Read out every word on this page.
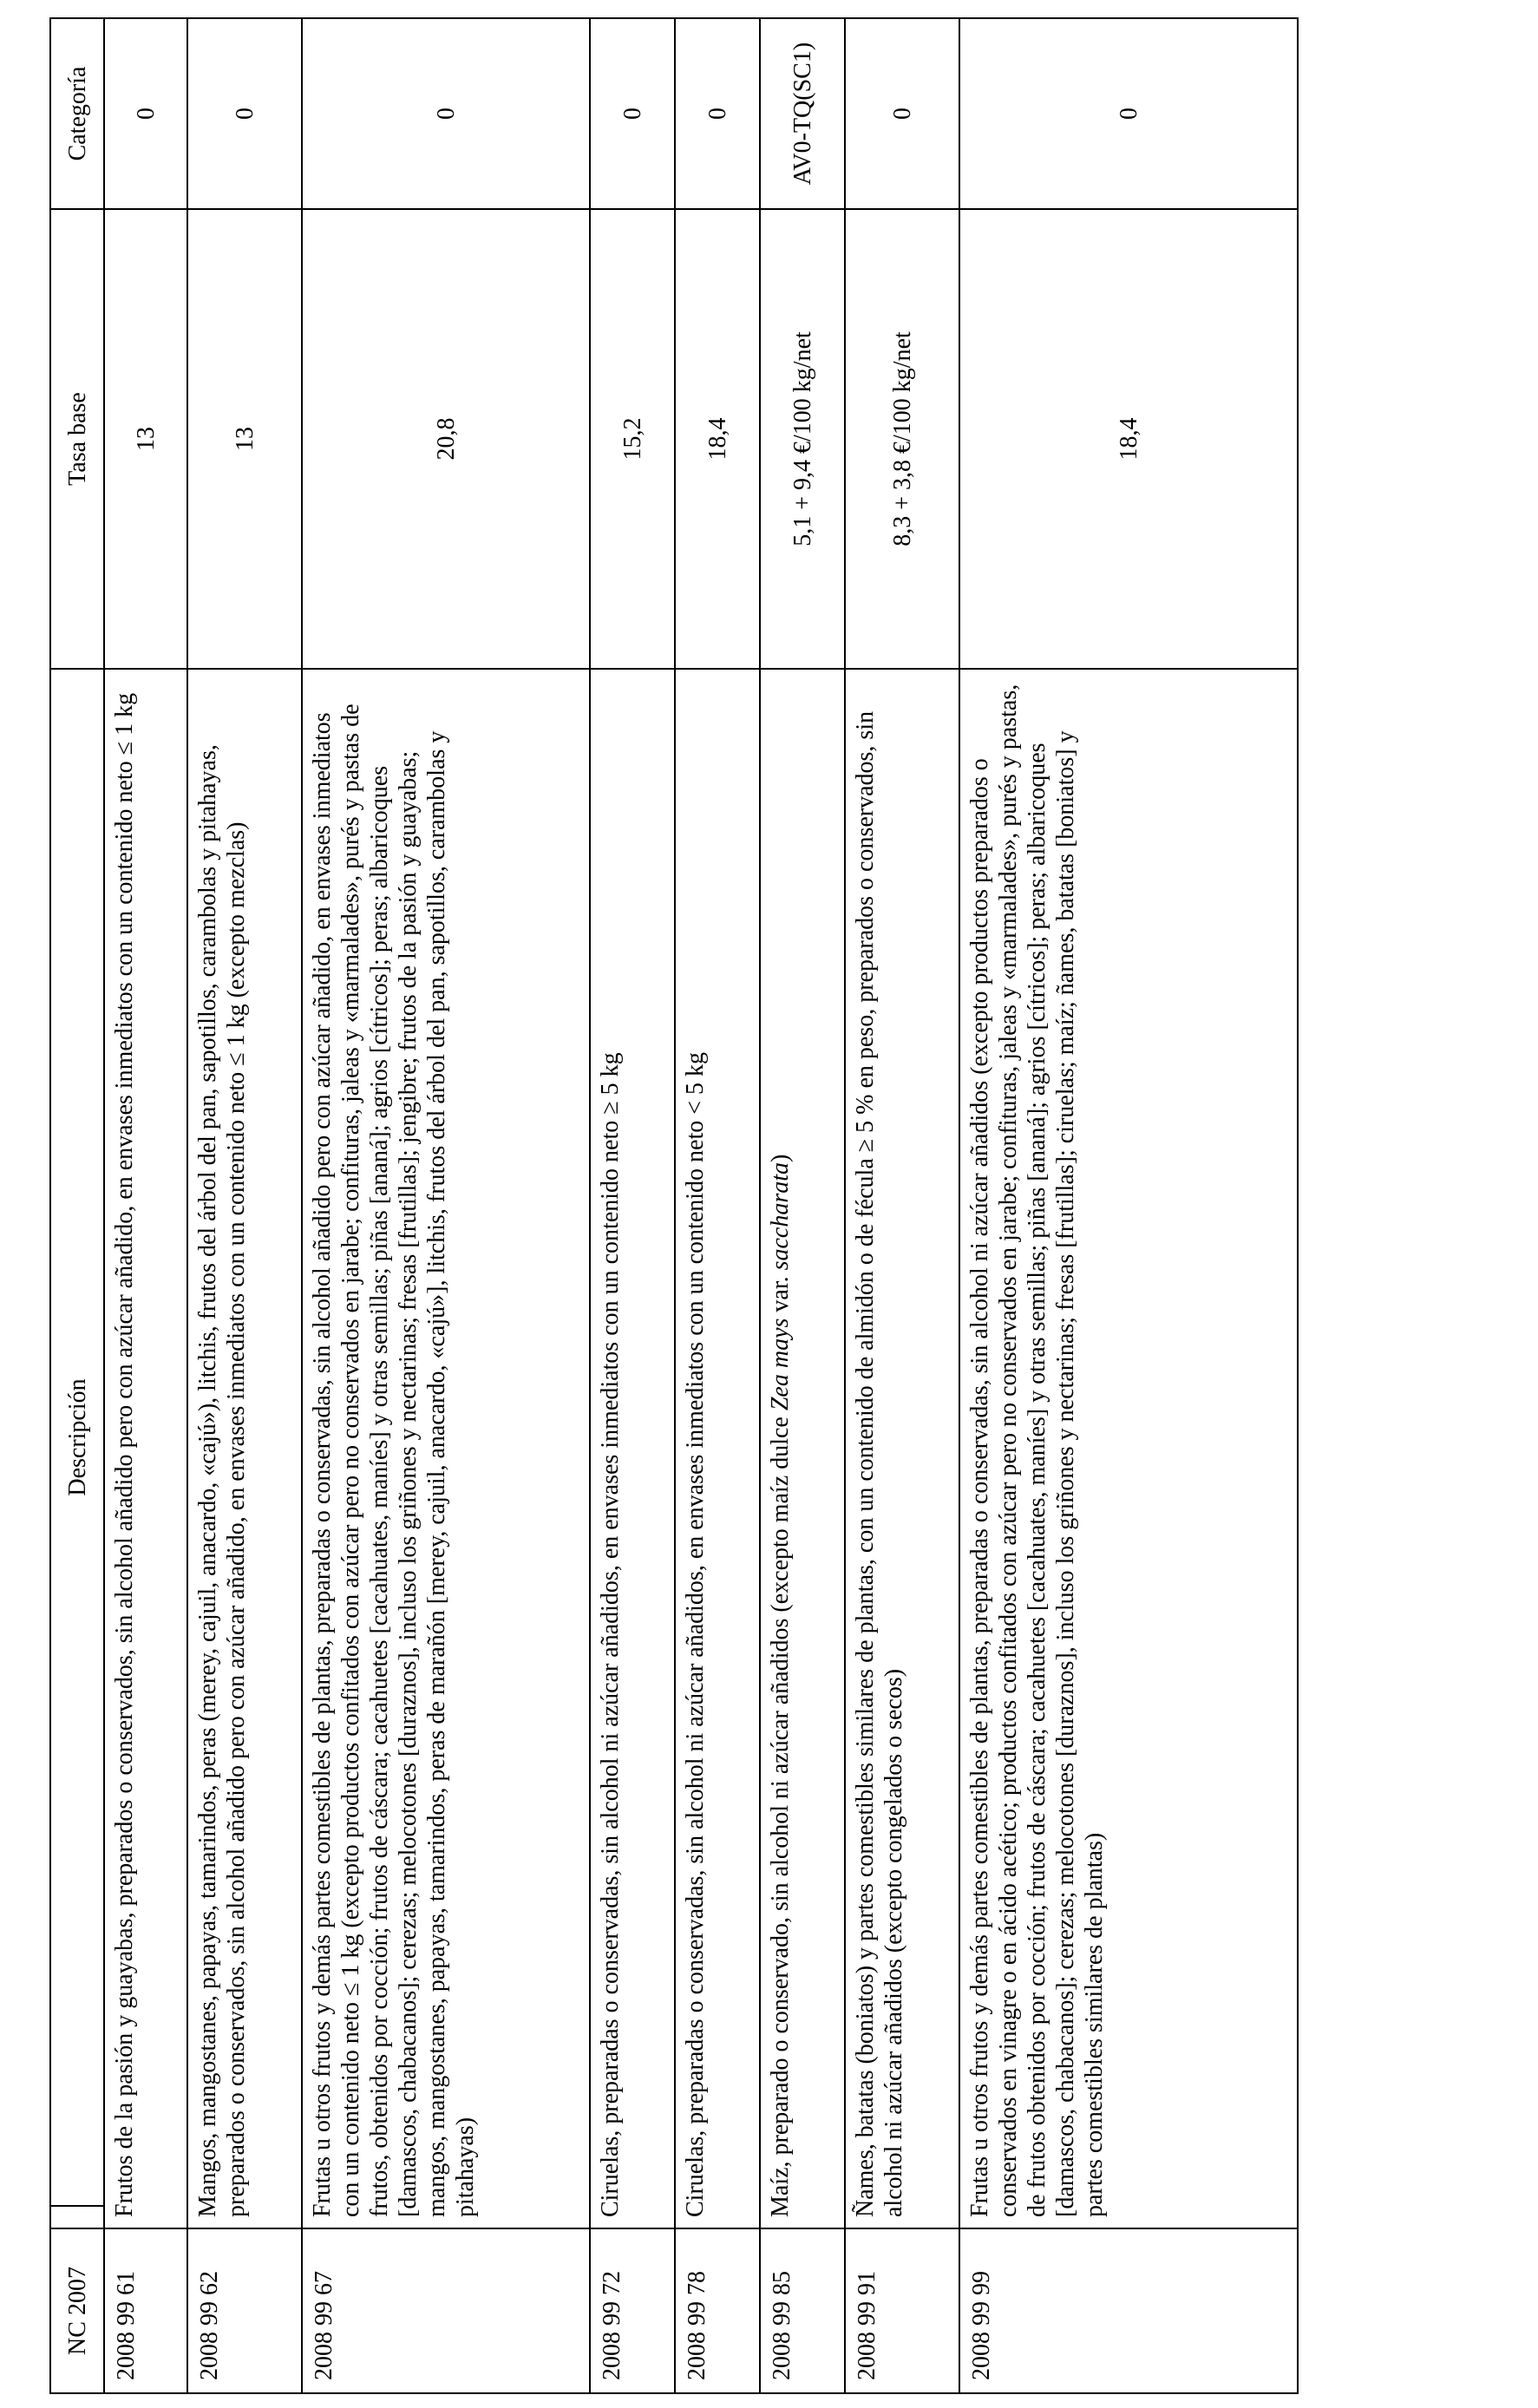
NC 2007		Descripción	Tasa base	Categoría
2008 99 61	Frutos de la pasión y guayabas, preparados o conservados, sin alcohol añadido pero con azúcar añadido, en envases inmediatos con un contenido neto ≤ 1 kg		13	0
2008 99 62	Mangos, mangostanes, papayas, tamarindos, peras (merey, cajuil, anacardo, «cajú»), litchis, frutos del árbol del pan, sapotillos, carambolas y pitahayas, preparados o conservados, sin alcohol añadido pero con azúcar añadido, en envases inmediatos con un contenido neto ≤ 1 kg (excepto mezclas)		13	0
2008 99 67	Frutas u otros frutos y demás partes comestibles de plantas, preparadas o conservadas, sin alcohol añadido pero con azúcar añadido, en envases inmediatos con un contenido neto ≤ 1 kg (excepto productos confitados con azúcar pero no conservados en jarabe; confituras, jaleas y «marmalades», purés y pastas de frutos, obtenidos por cocción; frutos de cáscara; cacahuetes [cacahuates, maníes] y otras semillas; piñas [ananá]; agrios [cítricos]; peras; albaricoques [damascos, chabacanos]; cerezas; melocotones [duraznos], incluso los griñones y nectarinas; fresas [frutillas]; jengibre; frutos de la pasión y guayabas; mangos, mangostanes, papayas, tamarindos, peras de marañón [merey, cajuil, anacardo, «cajú»], litchis, frutos del árbol del pan, sapotillos, carambolas y pitahayas)		20,8	0
2008 99 72	Ciruelas, preparadas o conservadas, sin alcohol ni azúcar añadidos, en envases inmediatos con un contenido neto ≥ 5 kg		15,2	0
2008 99 78	Ciruelas, preparadas o conservadas, sin alcohol ni azúcar añadidos, en envases inmediatos con un contenido neto < 5 kg		18,4	0
2008 99 85	Maíz, preparado o conservado, sin alcohol ni azúcar añadidos (excepto maíz dulce Zea mays var. saccharata)		5,1 + 9,4 €/100 kg/net	AV0-TQ(SC1)
2008 99 91	Ñames, batatas (boniatos) y partes comestibles similares de plantas, con un contenido de almidón o de fécula ≥ 5 % en peso, preparados o conservados, sin alcohol ni azúcar añadidos (excepto congelados o secos)		8,3 + 3,8 €/100 kg/net	0
2008 99 99	Frutas u otros frutos y demás partes comestibles de plantas, preparadas o conservadas, sin alcohol ni azúcar añadidos (excepto productos preparados o conservados en vinagre o en ácido acético; productos confitados con azúcar pero no conservados en jarabe; confituras, jaleas y «marmalades», purés y pastas, de frutos obtenidos por cocción; frutos de cáscara; cacahuetes [cacahuates, maníes] y otras semillas; piñas [ananá]; agrios [cítricos]; peras; albaricoques [damascos, chabacanos]; cerezas; melocotones [duraznos], incluso los griñones y nectarinas; fresas [frutillas]; ciruelas; maíz; ñames, batatas [boniatos] y partes comestibles similares de plantas)		18,4	0
